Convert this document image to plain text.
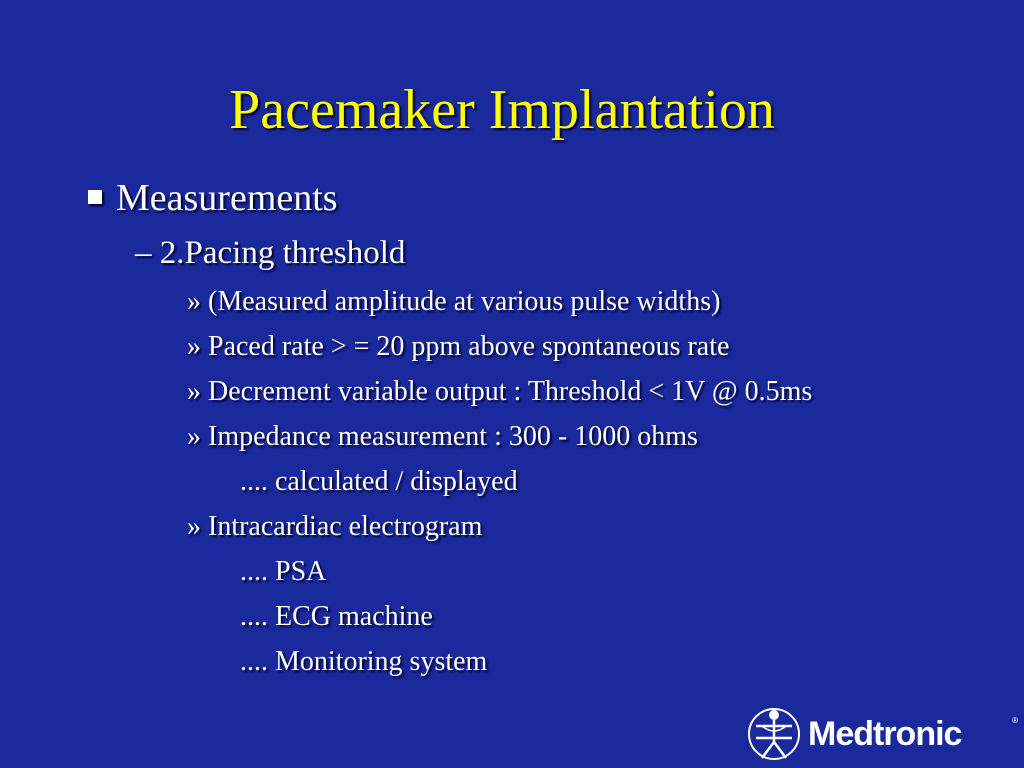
Pacemaker Implantation
Measurements
– 2.Pacing threshold
» (Measured amplitude at various pulse widths)
» Paced rate > = 20 ppm above spontaneous rate
» Decrement variable output : Threshold < 1V @ 0.5ms
» Impedance measurement : 300 - 1000 ohms
.... calculated / displayed
» Intracardiac electrogram
.... PSA
.... ECG machine
.... Monitoring system
Medtronic	®
